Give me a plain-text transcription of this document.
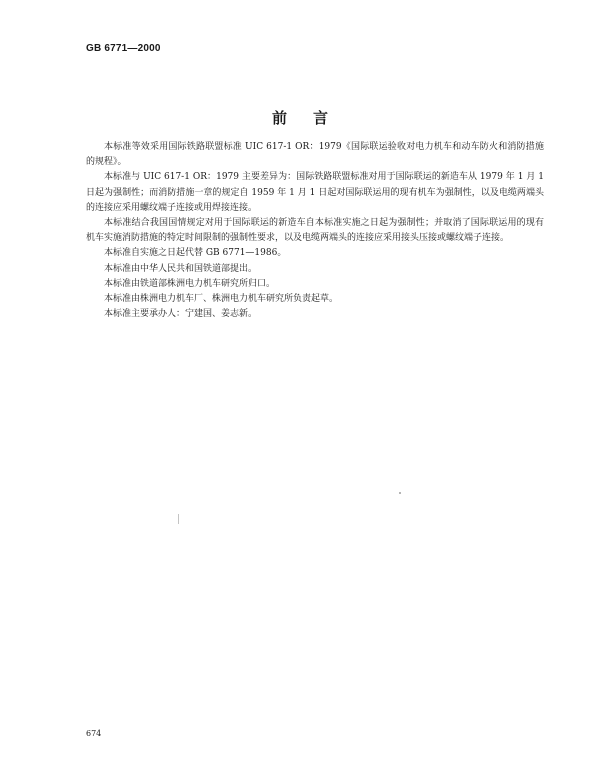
GB 6771—2000
前言

本标准等效采用国际铁路联盟标准 UIC 617-1 OR：1979《国际联运验收对电力机车和动车防火和消防措施的规程》。

本标准与 UIC 617-1 OR：1979 主要差异为：国际铁路联盟标准对用于国际联运的新造车从 1979 年 1 月 1 日起为强制性；而消防措施一章的规定自 1959 年 1 月 1 日起对国际联运用的现有机车为强制性，以及电缆两端头的连接应采用螺纹端子连接或用焊接连接。

本标准结合我国国情规定对用于国际联运的新造车自本标准实施之日起为强制性；并取消了国际联运用的现有机车实施消防措施的特定时间限制的强制性要求，以及电缆两端头的连接应采用接头压接或螺纹端子连接。

本标准自实施之日起代替 GB 6771—1986。

本标准由中华人民共和国铁道部提出。

本标准由铁道部株洲电力机车研究所归口。

本标准由株洲电力机车厂、株洲电力机车研究所负责起草。

本标准主要承办人：宁建国、姜志新。

674
